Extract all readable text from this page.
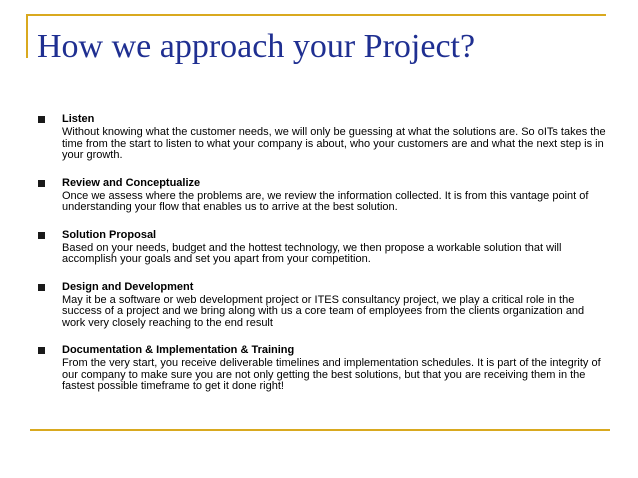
How we approach your Project?
Listen
Without knowing what the customer needs, we will only be guessing at what the solutions are. So oITs takes the time from the start to listen to what your company is about, who your customers are and what the next step is in your growth.
Review and Conceptualize
Once we assess where the problems are, we review the information collected. It is from this vantage point of understanding your flow that enables us to arrive at the best solution.
Solution Proposal
Based on your needs, budget and the hottest technology, we then propose a workable solution that will accomplish your goals and set you apart from your competition.
Design and Development
May it be a software or web development project or ITES consultancy project, we play a critical role in the success of a project and we bring along with us a core team of employees from the clients organization and work very closely reaching to the end result
Documentation & Implementation & Training
From the very start, you receive deliverable timelines and implementation schedules. It is part of the integrity of our company to make sure you are not only getting the best solutions, but that you are receiving them in the fastest possible timeframe to get it done right!
